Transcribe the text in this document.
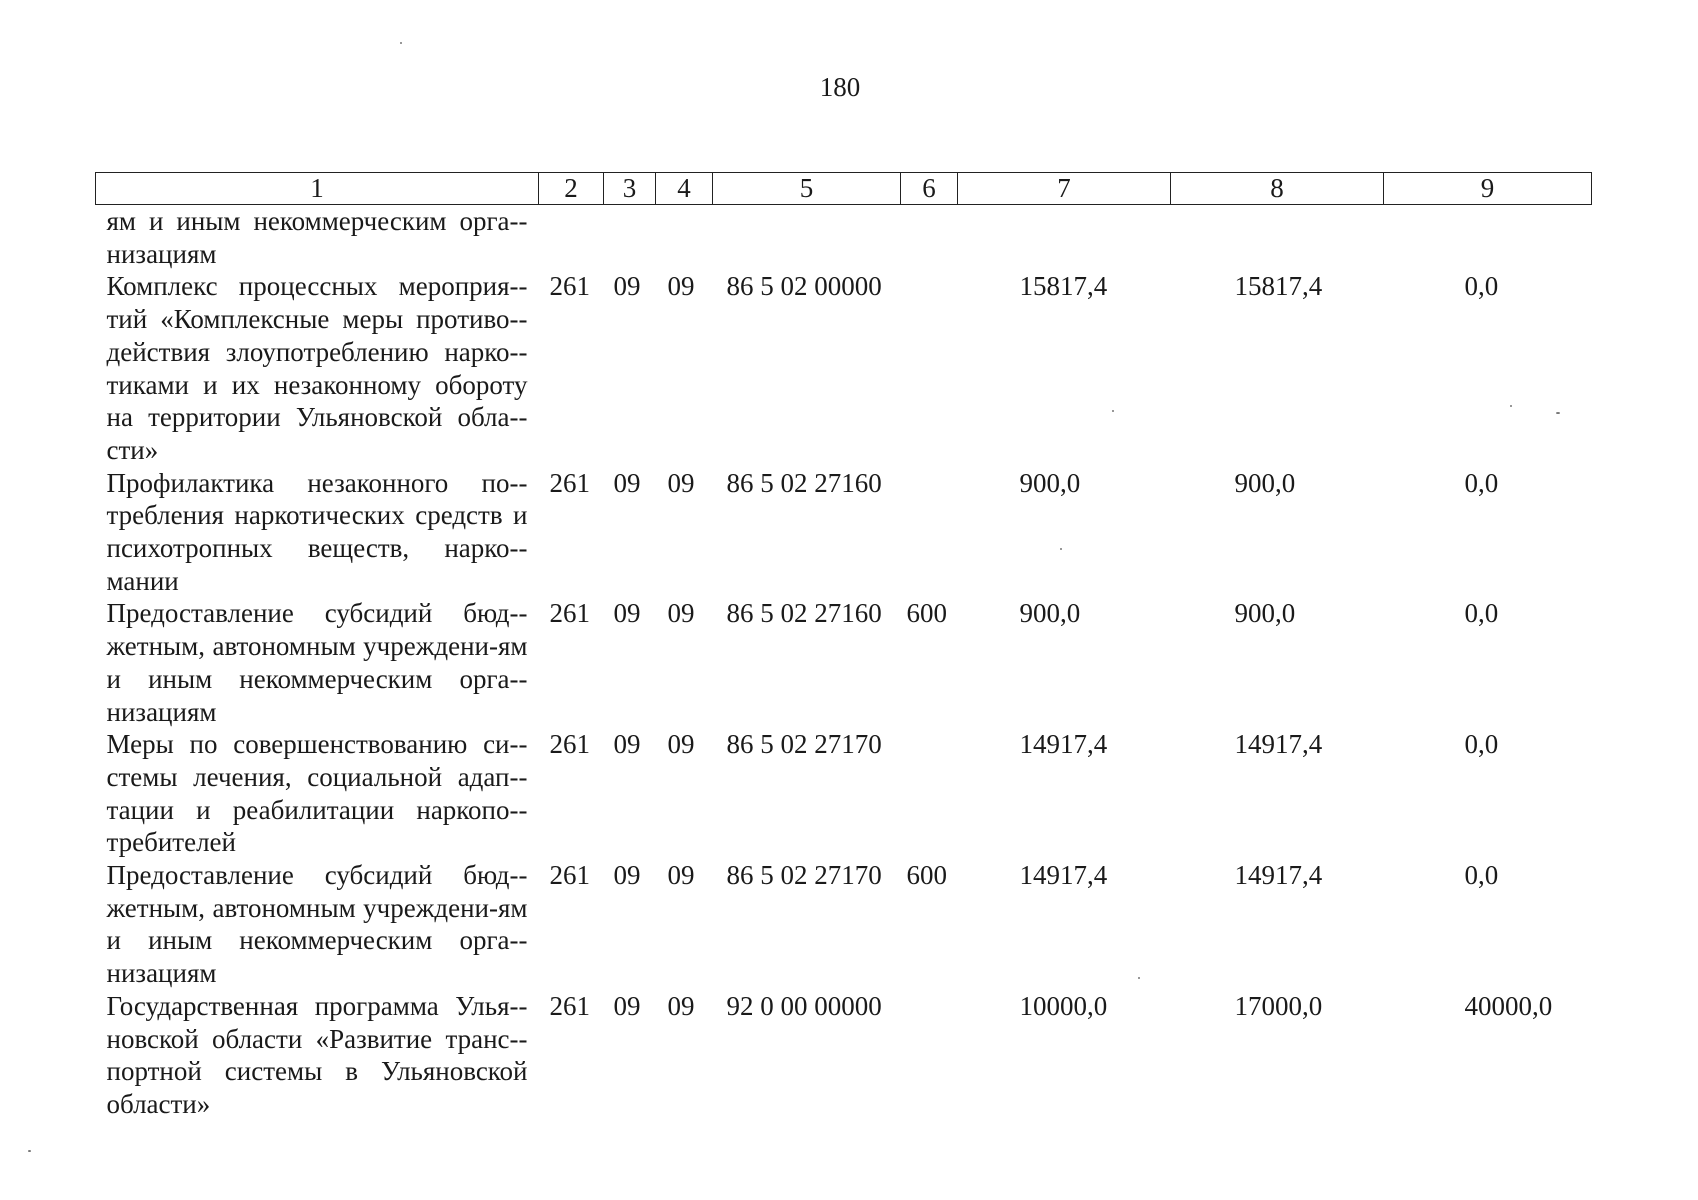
180
1	2	3	4	5	6	7	8	9
ям и иным некоммерческим орга-низациям								
Комплекс процессных мероприя-тий «Комплексные меры противо-действия злоупотреблению нарко-тиками и их незаконному обороту на территории Ульяновской обла-сти»	261	09	09	86 5 02 00000		15817,4	15817,4	0,0
Профилактика незаконного по-требления наркотических средств и психотропных веществ, нарко-мании	261	09	09	86 5 02 27160		900,0	900,0	0,0
Предоставление субсидий бюд-жетным, автономным учреждени-ям и иным некоммерческим орга-низациям	261	09	09	86 5 02 27160	600	900,0	900,0	0,0
Меры по совершенствованию си-стемы лечения, социальной адап-тации и реабилитации наркопо-требителей	261	09	09	86 5 02 27170		14917,4	14917,4	0,0
Предоставление субсидий бюд-жетным, автономным учреждени-ям и иным некоммерческим орга-низациям	261	09	09	86 5 02 27170	600	14917,4	14917,4	0,0
Государственная программа Улья-новской области «Развитие транс-портной системы в Ульяновской области»	261	09	09	92 0 00 00000		10000,0	17000,0	40000,0
